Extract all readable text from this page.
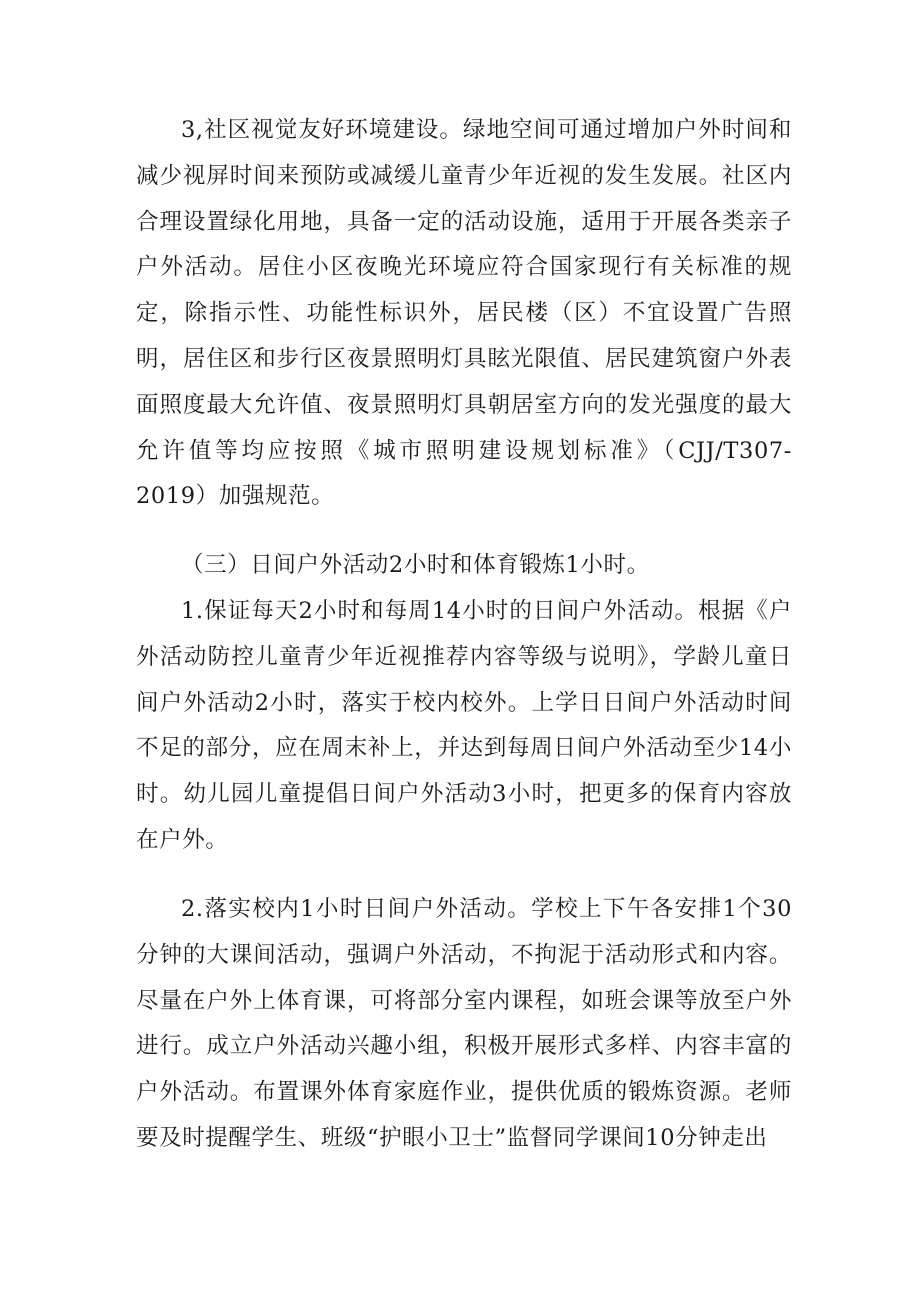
3,社区视觉友好环境建设。绿地空间可通过增加户外时间和减少视屏时间来预防或减缓儿童青少年近视的发生发展。社区内合理设置绿化用地，具备一定的活动设施，适用于开展各类亲子户外活动。居住小区夜晚光环境应符合国家现行有关标准的规定，除指示性、功能性标识外，居民楼（区）不宜设置广告照明，居住区和步行区夜景照明灯具眩光限值、居民建筑窗户外表面照度最大允许值、夜景照明灯具朝居室方向的发光强度的最大允许值等均应按照《城市照明建设规划标准》（CJJ/T307-2019）加强规范。

（三）日间户外活动2小时和体育锻炼1小时。

1.保证每天2小时和每周14小时的日间户外活动。根据《户外活动防控儿童青少年近视推荐内容等级与说明》，学龄儿童日间户外活动2小时，落实于校内校外。上学日日间户外活动时间不足的部分，应在周末补上，并达到每周日间户外活动至少14小时。幼儿园儿童提倡日间户外活动3小时，把更多的保育内容放在户外。

2.落实校内1小时日间户外活动。学校上下午各安排1个30分钟的大课间活动，强调户外活动，不拘泥于活动形式和内容。尽量在户外上体育课，可将部分室内课程，如班会课等放至户外进行。成立户外活动兴趣小组，积极开展形式多样、内容丰富的户外活动。布置课外体育家庭作业，提供优质的锻炼资源。老师要及时提醒学生、班级“护眼小卫士”监督同学课间10分钟走出
